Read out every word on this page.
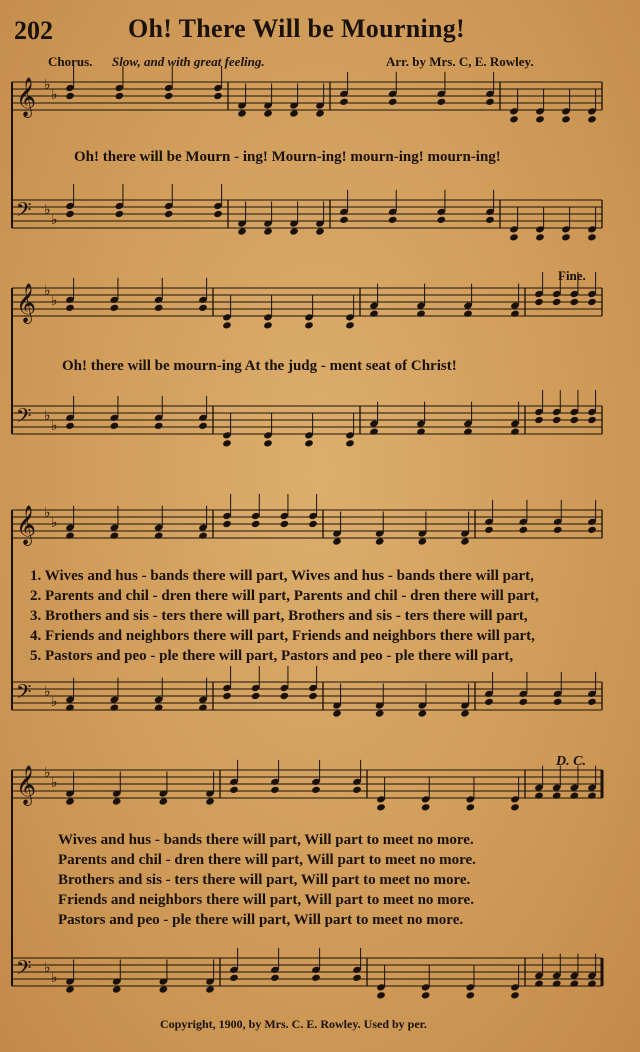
𝄞 ♭
♭
𝄢 ♭
♭
𝄞 ♭
♭
𝄢 ♭
♭
𝄞 ♭
♭
𝄢 ♭
♭
𝄞 ♭
♭
𝄢 ♭
♭
202	Oh! There Will be Mourning!
Chorus. Slow, and with great feeling.	Arr. by Mrs. C, E. Rowley.
Oh! there will be Mourn - ing! Mourn-ing! mourn-ing! mourn-ing!
Fine.
Oh! there will be mourn-ing At the judg - ment seat of Christ!
1. Wives and hus - bands there will part, Wives and hus - bands there will part,
2. Parents and chil - dren there will part, Parents and chil - dren there will part,
3. Brothers and sis - ters there will part, Brothers and sis - ters there will part,
4. Friends and neighbors there will part, Friends and neighbors there will part,
5. Pastors and peo - ple there will part, Pastors and peo - ple there will part,
D. C.
Wives and hus - bands there will part, Will part to meet no more.
Parents and chil - dren there will part, Will part to meet no more.
Brothers and sis - ters there will part, Will part to meet no more.
Friends and neighbors there will part, Will part to meet no more.
Pastors and peo - ple there will part, Will part to meet no more.
Copyright, 1900, by Mrs. C. E. Rowley. Used by per.
